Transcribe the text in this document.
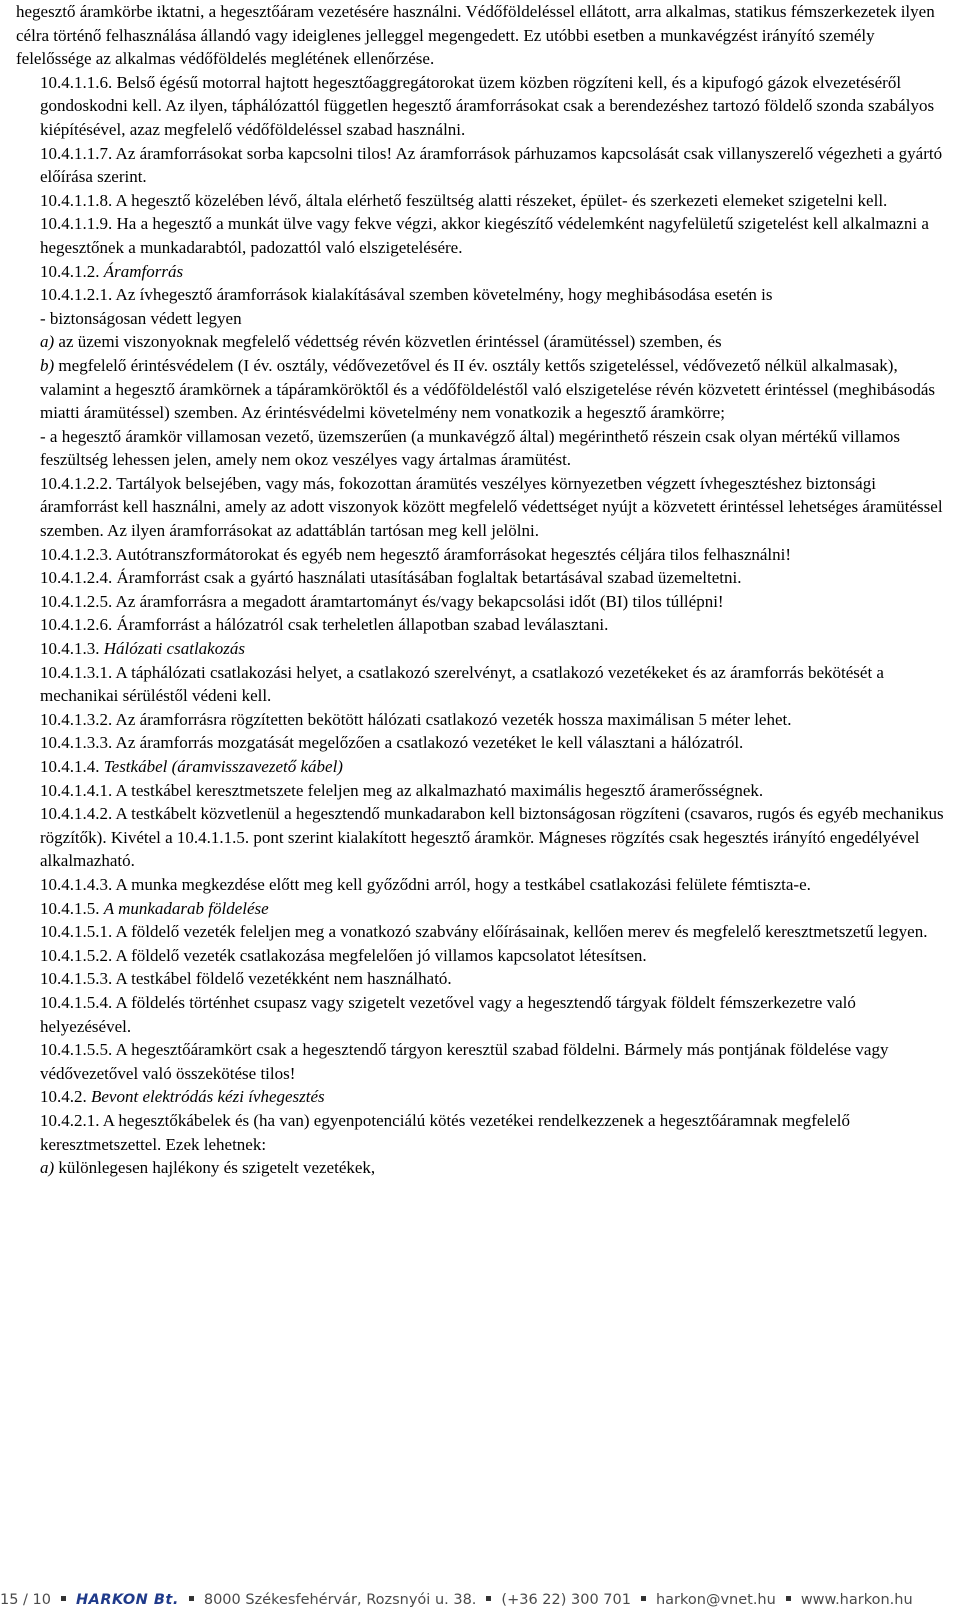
hegesztő áramkörbe iktatni, a hegesztőáram vezetésére használni. Védőföldeléssel ellátott, arra alkalmas, statikus fémszerkezetek ilyen célra történő felhasználása állandó vagy ideiglenes jelleggel megengedett. Ez utóbbi esetben a munkavégzést irányító személy felelőssége az alkalmas védőföldelés meglétének ellenőrzése.

10.4.1.1.6. Belső égésű motorral hajtott hegesztőaggregátorokat üzem közben rögzíteni kell, és a kipufogó gázok elvezetéséről gondoskodni kell. Az ilyen, táphálózattól független hegesztő áramforrásokat csak a berendezéshez tartozó földelő szonda szabályos kiépítésével, azaz megfelelő védőföldeléssel szabad használni.

10.4.1.1.7. Az áramforrásokat sorba kapcsolni tilos! Az áramforrások párhuzamos kapcsolását csak villanyszerelő végezheti a gyártó előírása szerint.

10.4.1.1.8. A hegesztő közelében lévő, általa elérhető feszültség alatti részeket, épület- és szerkezeti elemeket szigetelni kell.

10.4.1.1.9. Ha a hegesztő a munkát ülve vagy fekve végzi, akkor kiegészítő védelemként nagyfelületű szigetelést kell alkalmazni a hegesztőnek a munkadarabtól, padozattól való elszigetelésére.

10.4.1.2. Áramforrás

10.4.1.2.1. Az ívhegesztő áramforrások kialakításával szemben követelmény, hogy meghibásodása esetén is

- biztonságosan védett legyen

a) az üzemi viszonyoknak megfelelő védettség révén közvetlen érintéssel (áramütéssel) szemben, és

b) megfelelő érintésvédelem (I év. osztály, védővezetővel és II év. osztály kettős szigeteléssel, védővezető nélkül alkalmasak), valamint a hegesztő áramkörnek a tápáramköröktől és a védőföldeléstől való elszigetelése révén közvetett érintéssel (meghibásodás miatti áramütéssel) szemben. Az érintésvédelmi követelmény nem vonatkozik a hegesztő áramkörre;

- a hegesztő áramkör villamosan vezető, üzemszerűen (a munkavégző által) megérinthető részein csak olyan mértékű villamos feszültség lehessen jelen, amely nem okoz veszélyes vagy ártalmas áramütést.

10.4.1.2.2. Tartályok belsejében, vagy más, fokozottan áramütés veszélyes környezetben végzett ívhegesztéshez biztonsági áramforrást kell használni, amely az adott viszonyok között megfelelő védettséget nyújt a közvetett érintéssel lehetséges áramütéssel szemben. Az ilyen áramforrásokat az adattáblán tartósan meg kell jelölni.

10.4.1.2.3. Autótranszformátorokat és egyéb nem hegesztő áramforrásokat hegesztés céljára tilos felhasználni!

10.4.1.2.4. Áramforrást csak a gyártó használati utasításában foglaltak betartásával szabad üzemeltetni.

10.4.1.2.5. Az áramforrásra a megadott áramtartományt és/vagy bekapcsolási időt (BI) tilos túllépni!

10.4.1.2.6. Áramforrást a hálózatról csak terheletlen állapotban szabad leválasztani.

10.4.1.3. Hálózati csatlakozás

10.4.1.3.1. A táphálózati csatlakozási helyet, a csatlakozó szerelvényt, a csatlakozó vezetékeket és az áramforrás bekötését a mechanikai sérüléstől védeni kell.

10.4.1.3.2. Az áramforrásra rögzítetten bekötött hálózati csatlakozó vezeték hossza maximálisan 5 méter lehet.

10.4.1.3.3. Az áramforrás mozgatását megelőzően a csatlakozó vezetéket le kell választani a hálózatról.

10.4.1.4. Testkábel (áramvisszavezető kábel)

10.4.1.4.1. A testkábel keresztmetszete feleljen meg az alkalmazható maximális hegesztő áramerősségnek.

10.4.1.4.2. A testkábelt közvetlenül a hegesztendő munkadarabon kell biztonságosan rögzíteni (csavaros, rugós és egyéb mechanikus rögzítők). Kivétel a 10.4.1.1.5. pont szerint kialakított hegesztő áramkör. Mágneses rögzítés csak hegesztés irányító engedélyével alkalmazható.

10.4.1.4.3. A munka megkezdése előtt meg kell győződni arról, hogy a testkábel csatlakozási felülete fémtiszta-e.

10.4.1.5. A munkadarab földelése

10.4.1.5.1. A földelő vezeték feleljen meg a vonatkozó szabvány előírásainak, kellően merev és megfelelő keresztmetszetű legyen.

10.4.1.5.2. A földelő vezeték csatlakozása megfelelően jó villamos kapcsolatot létesítsen.

10.4.1.5.3. A testkábel földelő vezetékként nem használható.

10.4.1.5.4. A földelés történhet csupasz vagy szigetelt vezetővel vagy a hegesztendő tárgyak földelt fémszerkezetre való helyezésével.

10.4.1.5.5. A hegesztőáramkört csak a hegesztendő tárgyon keresztül szabad földelni. Bármely más pontjának földelése vagy védővezetővel való összekötése tilos!

10.4.2. Bevont elektródás kézi ívhegesztés

10.4.2.1. A hegesztőkábelek és (ha van) egyenpotenciálú kötés vezetékei rendelkezzenek a hegesztőáramnak megfelelő keresztmetszettel. Ezek lehetnek:

a) különlegesen hajlékony és szigetelt vezetékek,

15 / 10 HARKON Bt. 8000 Székesfehérvár, Rozsnyói u. 38. (+36 22) 300 701 harkon@vnet.hu www.harkon.hu
